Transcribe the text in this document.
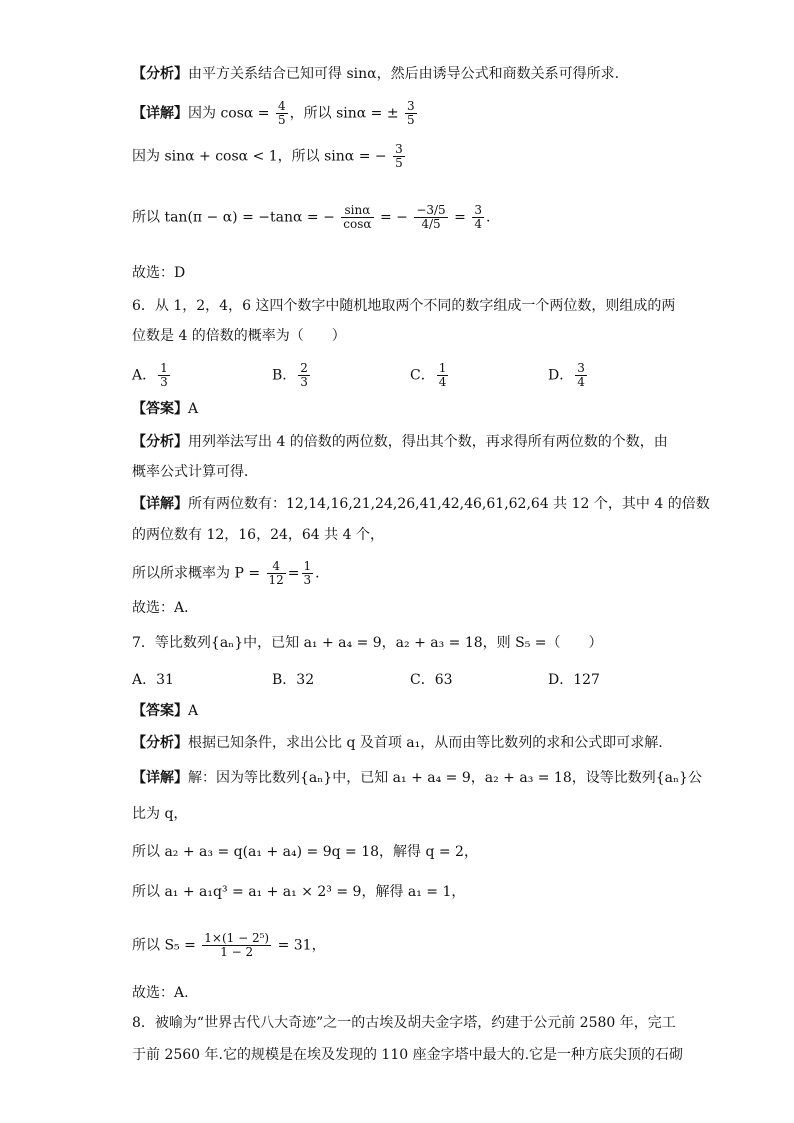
【分析】由平方关系结合已知可得 sinα，然后由诱导公式和商数关系可得所求.
【详解】因为 $\cos\alpha = \frac{4}{5}$ ，所以 sinα = ± $\frac{3}{5}$
因为 sinα + cosα < 1，所以 sinα = − $\frac{3}{5}$
所以 tan(π − α) = −tanα = − $\frac{\sin\alpha}{\cos\alpha}$ = − $\frac{-3/5}{4/5} = \frac{3}{4}$ .
故选：D
6．从 1，2，4，6 这四个数字中随机地取两个不同的数字组成一个两位数，则组成的两
位数是 4 的倍数的概率为（　　）
A． $\frac{1}{3}$	B． $\frac{2}{3}$	C． $\frac{1}{4}$	D． $\frac{3}{4}$
【答案】A
【分析】用列举法写出 4 的倍数的两位数，得出其个数，再求得所有两位数的个数，由
概率公式计算可得．
【详解】所有两位数有：12,14,16,21,24,26,41,42,46,61,62,64 共 12 个，其中 4 的倍数
的两位数有 12，16，24，64 共 4 个，
所以所求概率为 $P = \frac{4}{12} = \frac{1}{3}$ .
故选：A．
7．等比数列{aₙ}中，已知 a₁ + a₄ = 9，a₂ + a₃ = 18，则 S₅ =（　　）
A．31	B．32	C．63	D．127
【答案】A
【分析】根据已知条件，求出公比 q 及首项 a₁，从而由等比数列的求和公式即可求解.
【详解】解：因为等比数列{aₙ}中，已知 a₁ + a₄ = 9，a₂ + a₃ = 18，设等比数列{aₙ}公
比为 q，
所以 a₂ + a₃ = q(a₁ + a₄) = 9q = 18，解得 q = 2，
所以 a₁ + a₁q³ = a₁ + a₁ × 2³ = 9，解得 a₁ = 1，
所以 $S_5 = \frac{\text{1×(1 − 2⁵)}}{1 - 2} = 31$，
故选：A.
8．被喻为“世界古代八大奇迹”之一的古埃及胡夫金字塔，约建于公元前 2580 年，完工
于前 2560 年.它的规模是在埃及发现的 110 座金字塔中最大的.它是一种方底尖顶的石砌
